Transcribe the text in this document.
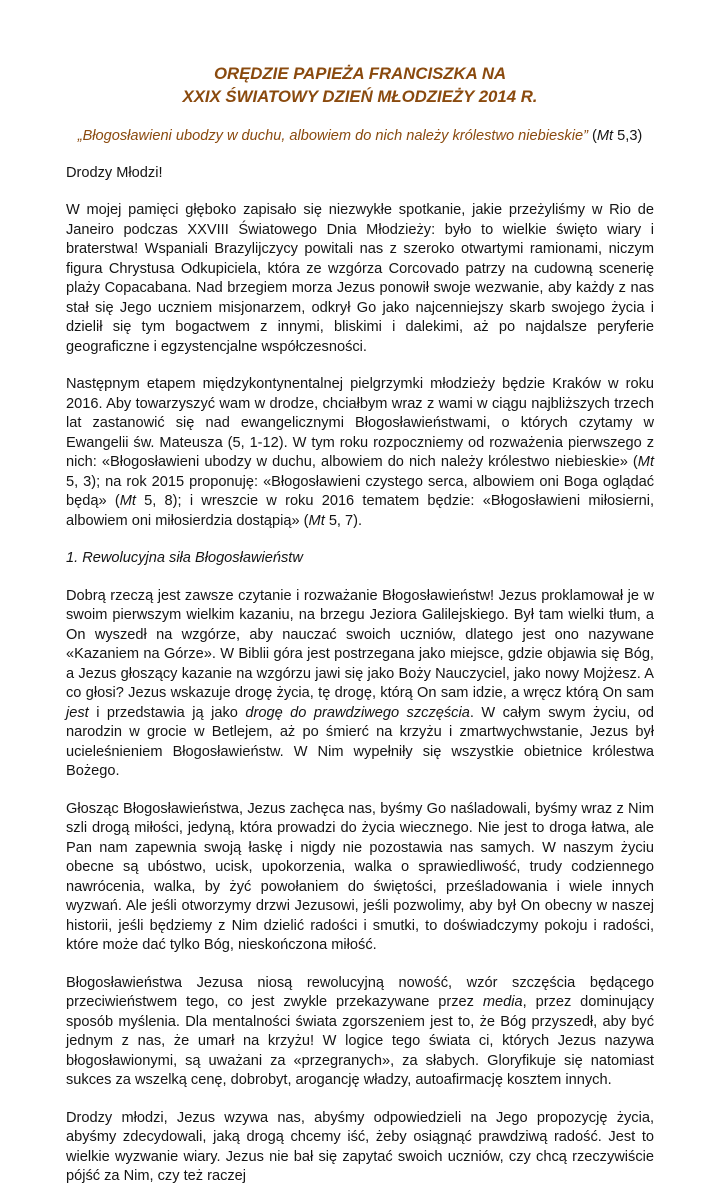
ORĘDZIE PAPIEŻA FRANCISZKA NA
XXIX ŚWIATOWY DZIEŃ MŁODZIEŻY 2014 R.

„Błogosławieni ubodzy w duchu, albowiem do nich należy królestwo niebieskie” (Mt 5,3)

Drodzy Młodzi!

W mojej pamięci głęboko zapisało się niezwykłe spotkanie, jakie przeżyliśmy w Rio de Janeiro podczas XXVIII Światowego Dnia Młodzieży: było to wielkie święto wiary i braterstwa! Wspaniali Brazylijczycy powitali nas z szeroko otwartymi ramionami, niczym figura Chrystusa Odkupiciela, która ze wzgórza Corcovado patrzy na cudowną scenerię plaży Copacabana. Nad brzegiem morza Jezus ponowił swoje wezwanie, aby każdy z nas stał się Jego uczniem misjonarzem, odkrył Go jako najcenniejszy skarb swojego życia i dzielił się tym bogactwem z innymi, bliskimi i dalekimi, aż po najdalsze peryferie geograficzne i egzystencjalne współczesności.

Następnym etapem międzykontynentalnej pielgrzymki młodzieży będzie Kraków w roku 2016. Aby towarzyszyć wam w drodze, chciałbym wraz z wami w ciągu najbliższych trzech lat zastanowić się nad ewangelicznymi Błogosławieństwami, o których czytamy w Ewangelii św. Mateusza (5, 1-12). W tym roku rozpoczniemy od rozważenia pierwszego z nich: «Błogosławieni ubodzy w duchu, albowiem do nich należy królestwo niebieskie» (Mt 5, 3); na rok 2015 proponuję: «Błogosławieni czystego serca, albowiem oni Boga oglądać będą» (Mt 5, 8); i wreszcie w roku 2016 tematem będzie: «Błogosławieni miłosierni, albowiem oni miłosierdzia dostąpią» (Mt 5, 7).

1. Rewolucyjna siła Błogosławieństw

Dobrą rzeczą jest zawsze czytanie i rozważanie Błogosławieństw! Jezus proklamował je w swoim pierwszym wielkim kazaniu, na brzegu Jeziora Galilejskiego. Był tam wielki tłum, a On wyszedł na wzgórze, aby nauczać swoich uczniów, dlatego jest ono nazywane «Kazaniem na Górze». W Biblii góra jest postrzegana jako miejsce, gdzie objawia się Bóg, a Jezus głoszący kazanie na wzgórzu jawi się jako Boży Nauczyciel, jako nowy Mojżesz. A co głosi? Jezus wskazuje drogę życia, tę drogę, którą On sam idzie, a wręcz którą On sam jest i przedstawia ją jako drogę do prawdziwego szczęścia. W całym swym życiu, od narodzin w grocie w Betlejem, aż po śmierć na krzyżu i zmartwychwstanie, Jezus był ucieleśnieniem Błogosławieństw. W Nim wypełniły się wszystkie obietnice królestwa Bożego.

Głosząc Błogosławieństwa, Jezus zachęca nas, byśmy Go naśladowali, byśmy wraz z Nim szli drogą miłości, jedyną, która prowadzi do życia wiecznego. Nie jest to droga łatwa, ale Pan nam zapewnia swoją łaskę i nigdy nie pozostawia nas samych. W naszym życiu obecne są ubóstwo, ucisk, upokorzenia, walka o sprawiedliwość, trudy codziennego nawrócenia, walka, by żyć powołaniem do świętości, prześladowania i wiele innych wyzwań. Ale jeśli otworzymy drzwi Jezusowi, jeśli pozwolimy, aby był On obecny w naszej historii, jeśli będziemy z Nim dzielić radości i smutki, to doświadczymy pokoju i radości, które może dać tylko Bóg, nieskończona miłość.

Błogosławieństwa Jezusa niosą rewolucyjną nowość, wzór szczęścia będącego przeciwieństwem tego, co jest zwykle przekazywane przez media, przez dominujący sposób myślenia. Dla mentalności świata zgorszeniem jest to, że Bóg przyszedł, aby być jednym z nas, że umarł na krzyżu! W logice tego świata ci, których Jezus nazywa błogosławionymi, są uważani za «przegranych», za słabych. Gloryfikuje się natomiast sukces za wszelką cenę, dobrobyt, arogancję władzy, autoafirmację kosztem innych.

Drodzy młodzi, Jezus wzywa nas, abyśmy odpowiedzieli na Jego propozycję życia, abyśmy zdecydowali, jaką drogą chcemy iść, żeby osiągnąć prawdziwą radość. Jest to wielkie wyzwanie wiary. Jezus nie bał się zapytać swoich uczniów, czy chcą rzeczywiście pójść za Nim, czy też raczej
